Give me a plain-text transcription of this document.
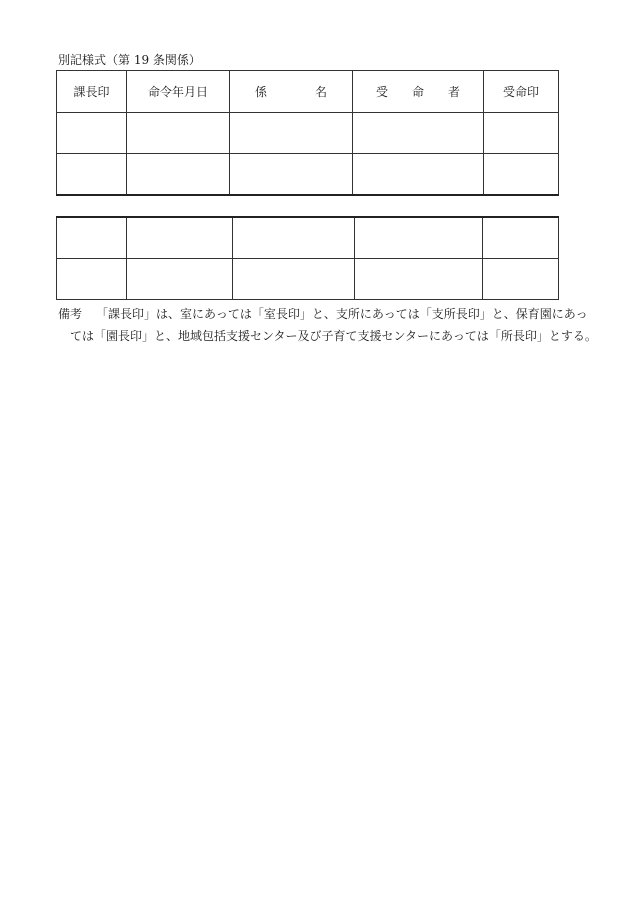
別記様式（第 19 条関係）
課長印	命令年月日	係　　　　名	受　　命　　者	受命印

備考 「課長印」は、室にあっては「室長印」と、支所にあっては「支所長印」と、保育園にあっ
ては「園長印」と、地域包括支援センター及び子育て支援センターにあっては「所長印」とする。
